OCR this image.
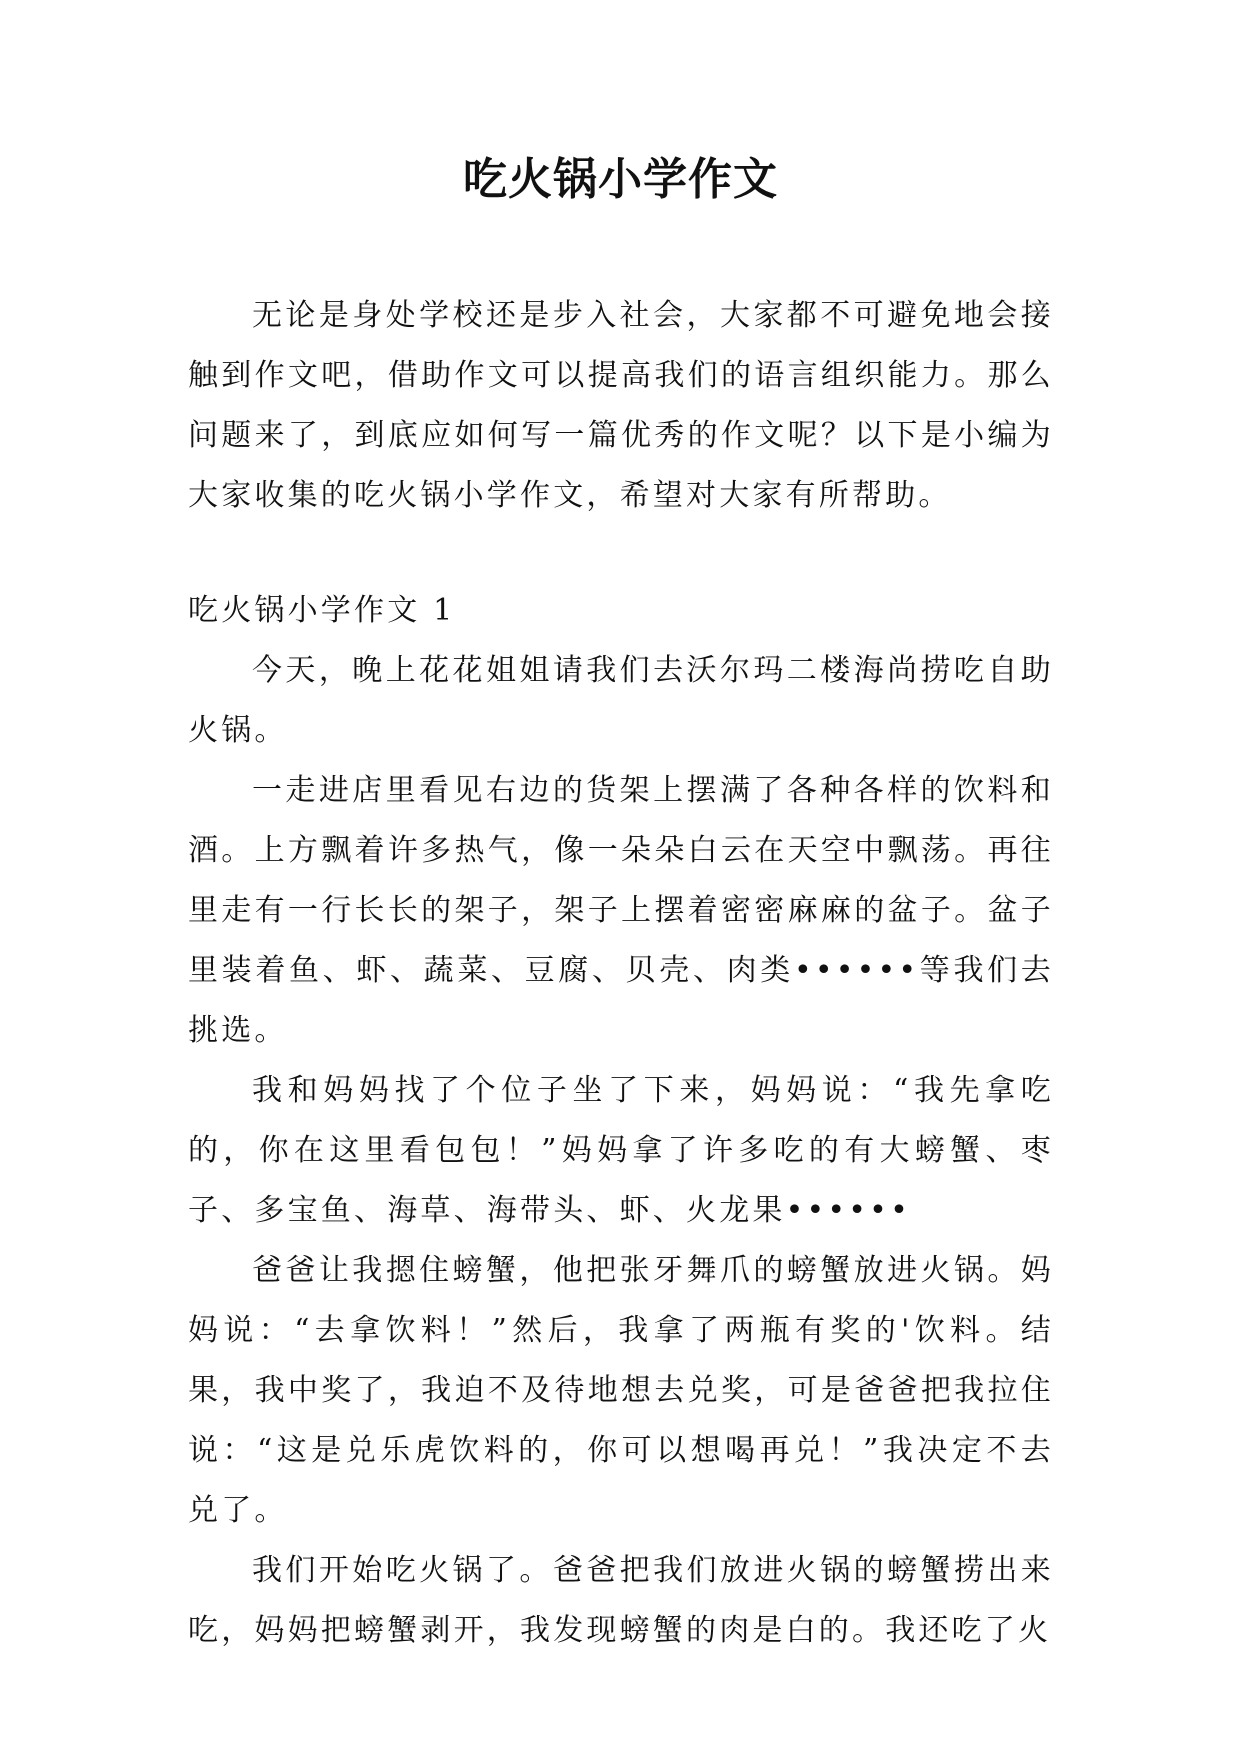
吃火锅小学作文

无论是身处学校还是步入社会，大家都不可避免地会接触到作文吧，借助作文可以提高我们的语言组织能力。那么问题来了，到底应如何写一篇优秀的作文呢？以下是小编为大家收集的吃火锅小学作文，希望对大家有所帮助。

吃火锅小学作文 1

今天，晚上花花姐姐请我们去沃尔玛二楼海尚捞吃自助火锅。

一走进店里看见右边的货架上摆满了各种各样的饮料和酒。上方飘着许多热气，像一朵朵白云在天空中飘荡。再往里走有一行长长的架子，架子上摆着密密麻麻的盆子。盆子里装着鱼、虾、蔬菜、豆腐、贝壳、肉类••••••等我们去挑选。

我和妈妈找了个位子坐了下来，妈妈说：“我先拿吃的，你在这里看包包！”妈妈拿了许多吃的有大螃蟹、枣子、多宝鱼、海草、海带头、虾、火龙果••••••

爸爸让我摁住螃蟹，他把张牙舞爪的螃蟹放进火锅。妈妈说：“去拿饮料！”然后，我拿了两瓶有奖的'饮料。结果，我中奖了，我迫不及待地想去兑奖，可是爸爸把我拉住说：“这是兑乐虎饮料的，你可以想喝再兑！”我决定不去兑了。

我们开始吃火锅了。爸爸把我们放进火锅的螃蟹捞出来吃，妈妈把螃蟹剥开，我发现螃蟹的肉是白的。我还吃了火
